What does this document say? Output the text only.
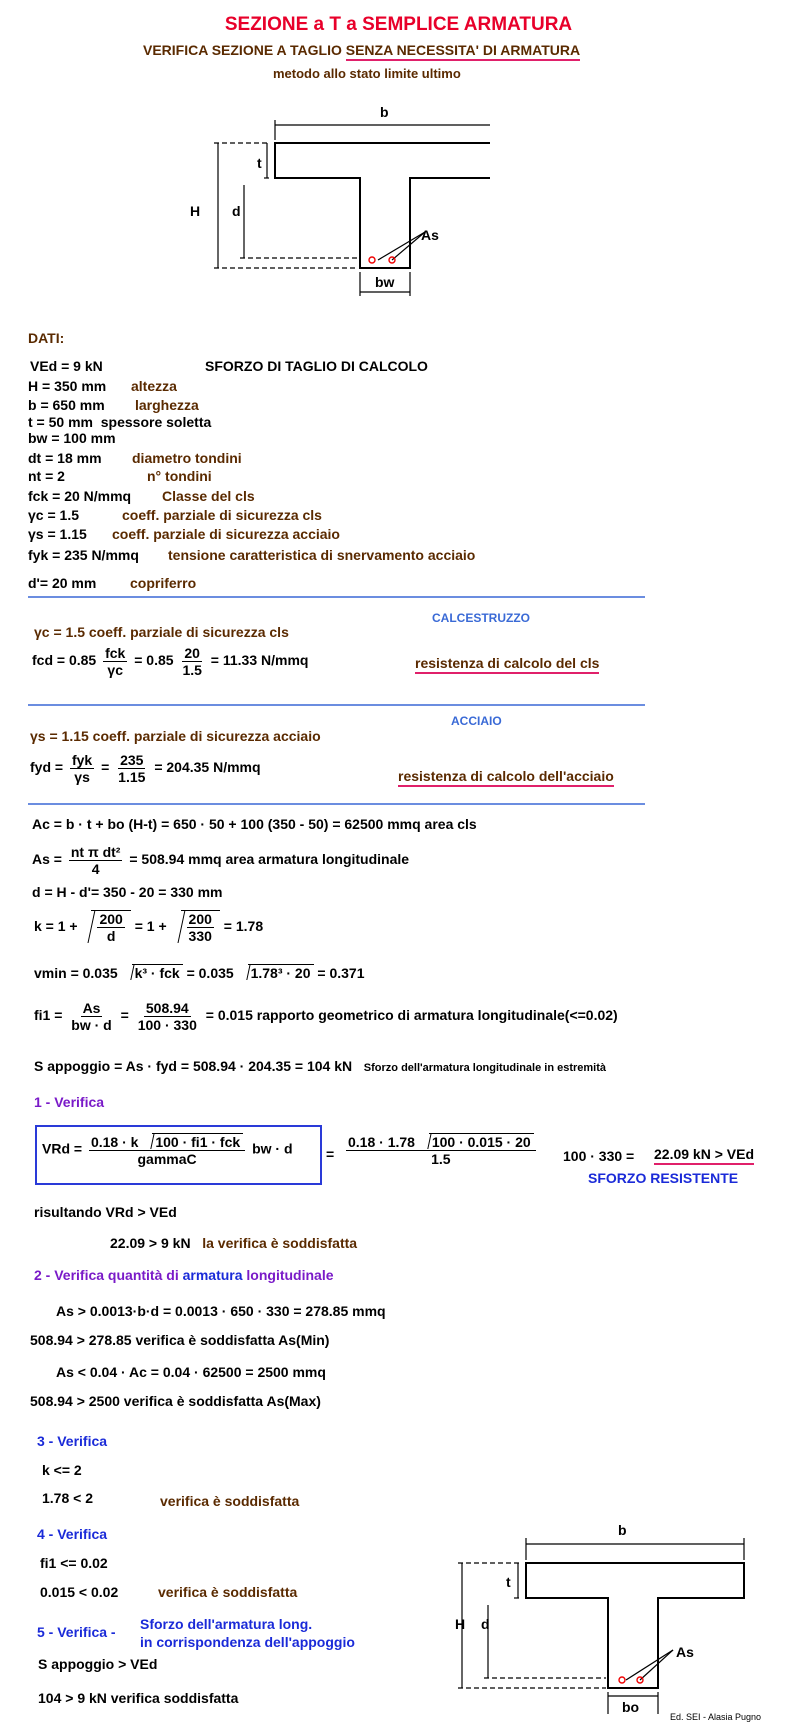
SEZIONE a T a SEMPLICE ARMATURA
VERIFICA SEZIONE A TAGLIO SENZA NECESSITA' DI ARMATURA
metodo allo stato limite ultimo
b
t
As
bw
H d
DATI:
VEd = 9 kN	SFORZO DI TAGLIO DI CALCOLO
H = 350 mm altezza
b = 650 mm larghezza
t = 50 mm spessore soletta
bw = 100 mm
dt = 18 mm diametro tondini
nt = 2	n° tondini
fck = 20 N/mmq Classe del cls
γc = 1.5	coeff. parziale di sicurezza cls
γs = 1.15 coeff. parziale di sicurezza acciaio
fyk = 235 N/mmq tensione caratteristica di snervamento acciaio
d'= 20 mm copriferro
CALCESTRUZZO
γc = 1.5 coeff. parziale di sicurezza cls
fcd = $0.85 \frac{\text{fck}}{\gamma c} = 0.85 \frac{20}{1.5} = 11.33$ N/mmq	resistenza di calcolo del cls
ACCIAIO
γs = 1.15 coeff. parziale di sicurezza acciaio
fyd = $\frac{\text{fyk}}{\gamma s} = \frac{235}{1.15} = 204.35$ N/mmq
resistenza di calcolo dell'acciaio
Ac = b · t + bo (H-t) = 650 · 50 + 100 (350 - 50) = 62500 mmq area cls
$As = \frac{\text{nt π dt²}}{4} = 508.94$ mmq area armatura longitudinale
d = H - d'= 350 - 20 = 330 mm
$k = 1 + \frac{200}{d} = 1 + \frac{200}{330} = 1.78$
vmin = 0.035 k³ · fck = 0.035 1.78³ · 20 = 0.371
$fi1 = \frac{As}{bw \cdot d} = \frac{508.94}{100 \cdot 330} = 0.015$ rapporto geometrico di armatura longitudinale(<=0.02)
S appoggio = As · fyd = 508.94 · 204.35 = 104 kN Sforzo dell'armatura longitudinale in estremità
1 - Verifica
VRd = $\frac{\text{0.18 · k 100 · fi1 · fck}}{\text{gammaC}}$ bw · $d = \frac{0.18 \cdot 1.78 100 \cdot 0.015 \cdot 20}{1.5} 100 \cdot 330 = 22.09$ kN > VEd
SFORZO RESISTENTE
risultando VRd > VEd
22.09 > 9 kN la verifica è soddisfatta
2 - Verifica quantità di armatura longitudinale
As > 0.0013·b·d = 0.0013 · 650 · 330 = 278.85 mmq
508.94 > 278.85 verifica è soddisfatta As(Min)
As < 0.04 · Ac = 0.04 · 62500 = 2500 mmq
508.94 > 2500 verifica è soddisfatta As(Max)
3 - Verifica
k <= 2
1.78 < 2	verifica è soddisfatta
4 - Verifica
fi1 <= 0.02
0.015 < 0.02	verifica è soddisfatta
5 - Verifica - Sforzo dell'armatura long.
in corrispondenza dell'appoggio
S appoggio > VEd
104 > 9 kN verifica soddisfatta
b
t
As
bo
H d
Ed. SEI - Alasia Pugno
